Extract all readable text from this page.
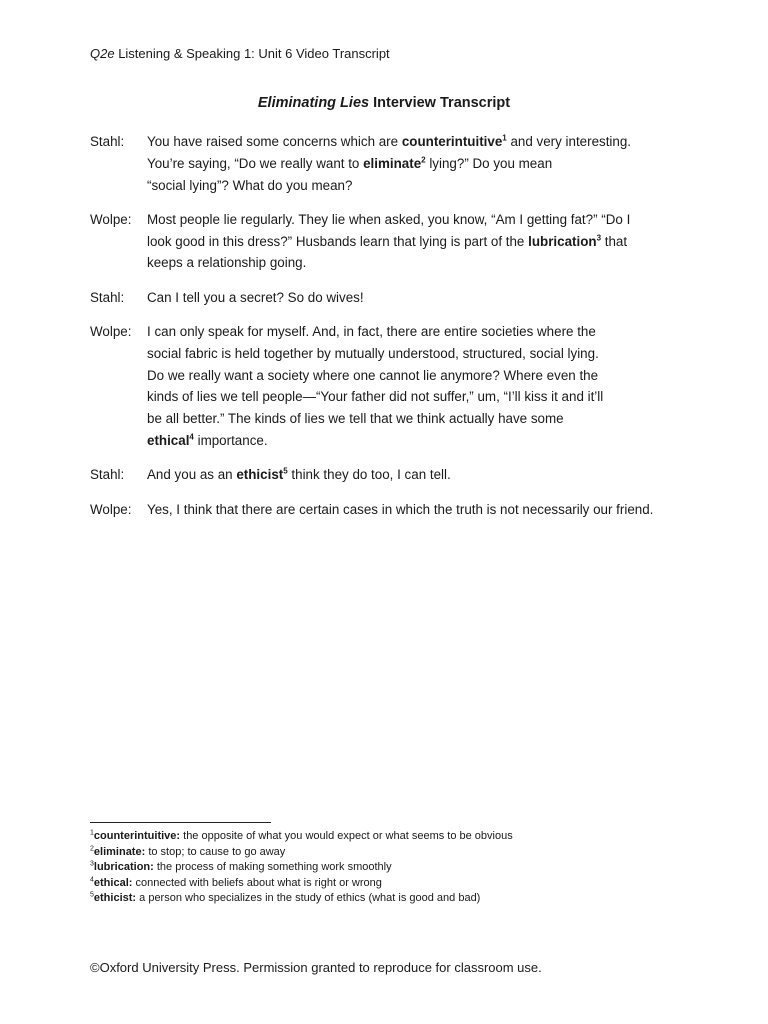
Q2e Listening & Speaking 1: Unit 6 Video Transcript
Eliminating Lies Interview Transcript
Stahl:	You have raised some concerns which are counterintuitive$^1$ and very interesting.
You’re saying, “Do we really want to eliminate$^2$ lying?” Do you mean
“social lying”? What do you mean?
Wolpe:	Most people lie regularly. They lie when asked, you know, “Am I getting fat?” “Do I
look good in this dress?” Husbands learn that lying is part of the lubrication$^3$ that
keeps a relationship going.
Stahl:	Can I tell you a secret? So do wives!
Wolpe:	I can only speak for myself. And, in fact, there are entire societies where the
social fabric is held together by mutually understood, structured, social lying.
Do we really want a society where one cannot lie anymore? Where even the
kinds of lies we tell people—“Your father did not suffer,” um, “I’ll kiss it and it’ll
be all better.” The kinds of lies we tell that we think actually have some
ethical$^4$ importance.
Stahl:	And you as an ethicist$^5$ think they do too, I can tell.
Wolpe:	Yes, I think that there are certain cases in which the truth is not necessarily our friend.
$^1$counterintuitive: the opposite of what you would expect or what seems to be obvious
$^2$eliminate: to stop; to cause to go away
$^3$lubrication: the process of making something work smoothly
$^4$ethical: connected with beliefs about what is right or wrong
$^5$ethicist: a person who specializes in the study of ethics (what is good and bad)
©Oxford University Press. Permission granted to reproduce for classroom use.
